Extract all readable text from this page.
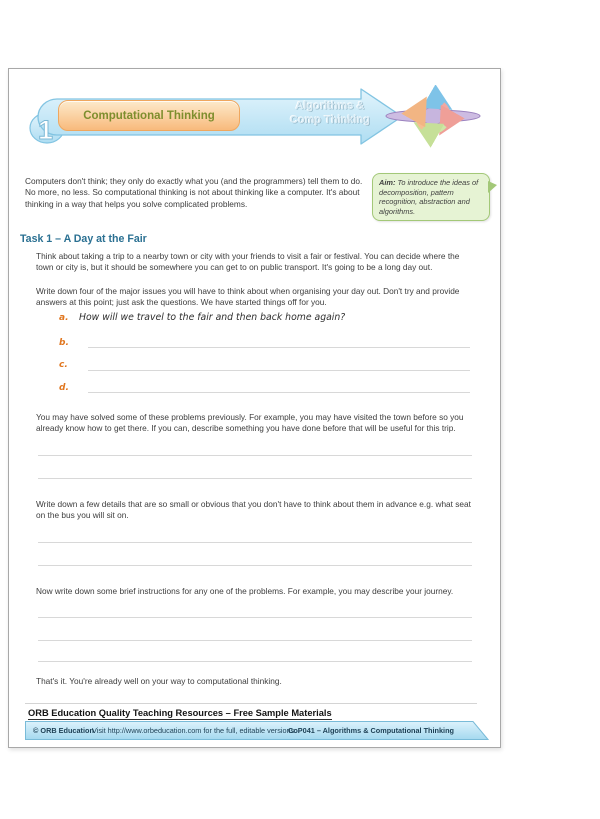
1	Computational Thinking
Algorithms &
Comp Thinking
Computers don't think; they only do exactly what you (and the programmers) tell them to do. No more, no less. So computational thinking is not about thinking like a computer. It's about thinking in a way that helps you solve complicated problems.
Aim: To introduce the ideas of decomposition, pattern recognition, abstraction and algorithms.
Task 1 – A Day at the Fair
Think about taking a trip to a nearby town or city with your friends to visit a fair or festival. You can decide where the town or city is, but it should be somewhere you can get to on public transport. It's going to be a long day out.
Write down four of the major issues you will have to think about when organising your day out. Don't try and provide answers at this point; just ask the questions. We have started things off for you.
a. How will we travel to the fair and then back home again?
b.
c.
d.
You may have solved some of these problems previously. For example, you may have visited the town before so you already know how to get there. If you can, describe something you have done before that will be useful for this trip.
Write down a few details that are so small or obvious that you don't have to think about them in advance e.g. what seat on the bus you will sit on.
Now write down some brief instructions for any one of the problems. For example, you may describe your journey.
That's it. You're already well on your way to computational thinking.
ORB Education Quality Teaching Resources – Free Sample Materials
© ORB Education
Visit http://www.orbeducation.com for the full, editable versions.
CoP041 – Algorithms & Computational Thinking
